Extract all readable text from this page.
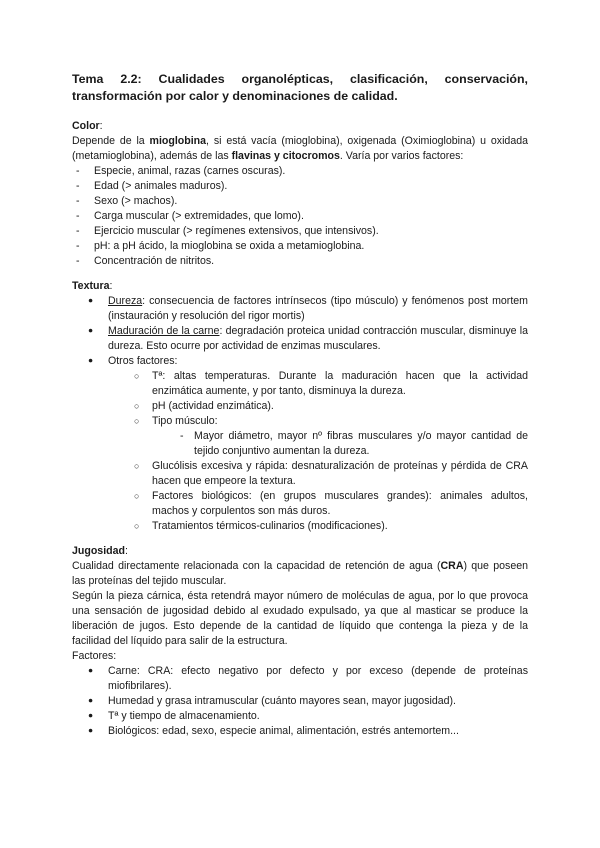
Tema 2.2: Cualidades organolépticas, clasificación, conservación, transformación por calor y denominaciones de calidad.

Color:

Depende de la mioglobina, si está vacía (mioglobina), oxigenada (Oximioglobina) u oxidada (metamioglobina), además de las flavinas y citocromos. Varía por varios factores:

- Especie, animal, razas (carnes oscuras).
- Edad (> animales maduros).
- Sexo (> machos).
- Carga muscular (> extremidades, que lomo).
- Ejercicio muscular (> regímenes extensivos, que intensivos).
- pH: a pH ácido, la mioglobina se oxida a metamioglobina.
- Concentración de nitritos.

Textura:

● Dureza: consecuencia de factores intrínsecos (tipo músculo) y fenómenos post mortem (instauración y resolución del rigor mortis)
● Maduración de la carne: degradación proteica unidad contracción muscular, disminuye la dureza. Esto ocurre por actividad de enzimas musculares.
● Otros factores:
○ Tª: altas temperaturas. Durante la maduración hacen que la actividad enzimática aumente, y por tanto, disminuya la dureza.
○ pH (actividad enzimática).
○ Tipo músculo:
- Mayor diámetro, mayor nº fibras musculares y/o mayor cantidad de tejido conjuntivo aumentan la dureza.
○ Glucólisis excesiva y rápida: desnaturalización de proteínas y pérdida de CRA hacen que empeore la textura.
○ Factores biológicos: (en grupos musculares grandes): animales adultos, machos y corpulentos son más duros.
○ Tratamientos térmicos-culinarios (modificaciones).

Jugosidad:

Cualidad directamente relacionada con la capacidad de retención de agua (CRA) que poseen las proteínas del tejido muscular.

Según la pieza cárnica, ésta retendrá mayor número de moléculas de agua, por lo que provoca una sensación de jugosidad debido al exudado expulsado, ya que al masticar se produce la liberación de jugos. Esto depende de la cantidad de líquido que contenga la pieza y de la facilidad del líquido para salir de la estructura.

Factores:

● Carne: CRA: efecto negativo por defecto y por exceso (depende de proteínas miofibrilares).
● Humedad y grasa intramuscular (cuánto mayores sean, mayor jugosidad).
● Tª y tiempo de almacenamiento.
● Biológicos: edad, sexo, especie animal, alimentación, estrés antemortem...
